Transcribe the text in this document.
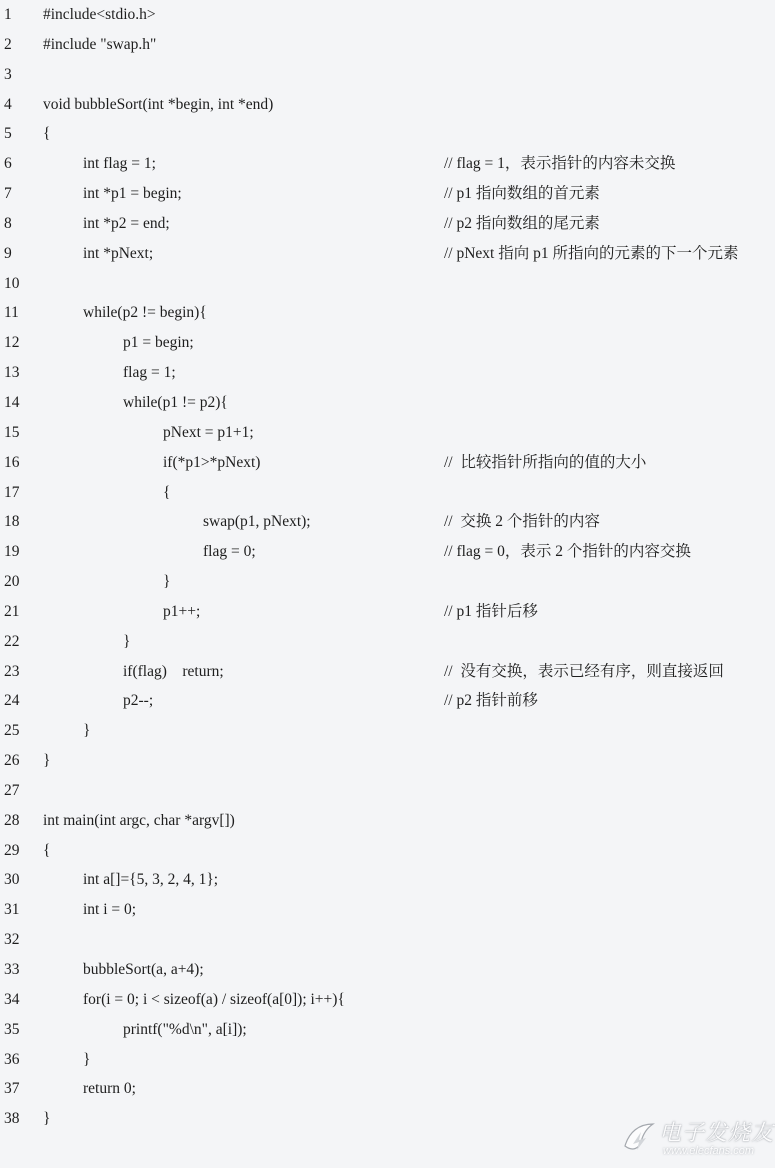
1 #include<stdio.h>
2 #include "swap.h"
3
4 void bubbleSort(int *begin, int *end)
5 {
6	int flag = 1;	// flag = 1，表示指针的内容未交换
7	int *p1 = begin;	// p1 指向数组的首元素
8	int *p2 = end;	// p2 指向数组的尾元素
9	int *pNext;	// pNext 指向 p1 所指向的元素的下一个元素
10
11	while(p2 != begin){
12	p1 = begin;
13	flag = 1;
14	while(p1 != p2){
15	pNext = p1+1;
16	if(*p1>*pNext)	//  比较指针所指向的值的大小
17	{
18	swap(p1, pNext);	//  交换 2 个指针的内容
19	flag = 0;	// flag = 0，表示 2 个指针的内容交换
20	}
21	p1++;	// p1 指针后移
22	}
23	if(flag)    return;	//  没有交换，表示已经有序，则直接返回
24	p2--;	// p2 指针前移
25	}
26 }
27
28 int main(int argc, char *argv[])
29 {
30	int a[]={5, 3, 2, 4, 1};
31	int i = 0;
32
33	bubbleSort(a, a+4);
34	for(i = 0; i < sizeof(a) / sizeof(a[0]); i++){
35	printf("%d\n", a[i]);
36	}
37	return 0;
38 }
电子发烧友
www.elecfans.com
